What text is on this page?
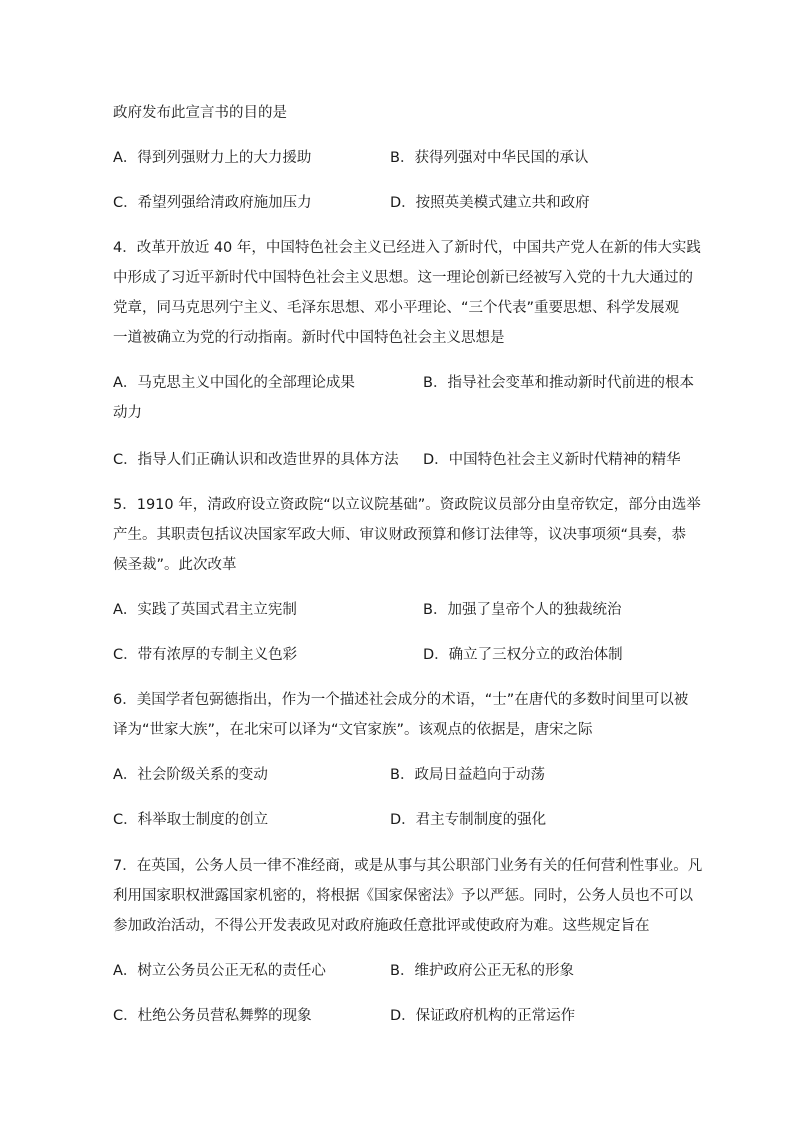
政府发布此宣言书的目的是
A．得到列强财力上的大力援助	B．获得列强对中华民国的承认
C．希望列强给清政府施加压力	D．按照英美模式建立共和政府
4．改革开放近 40 年，中国特色社会主义已经进入了新时代，中国共产党人在新的伟大实践
中形成了习近平新时代中国特色社会主义思想。这一理论创新已经被写入党的十九大通过的
党章，同马克思列宁主义、毛泽东思想、邓小平理论、“三个代表”重要思想、科学发展观
一道被确立为党的行动指南。新时代中国特色社会主义思想是
A．马克思主义中国化的全部理论成果	B．指导社会变革和推动新时代前进的根本
动力
C．指导人们正确认识和改造世界的具体方法 D．中国特色社会主义新时代精神的精华
5．1910 年，清政府设立资政院“以立议院基础”。资政院议员部分由皇帝钦定，部分由选举
产生。其职责包括议决国家军政大师、审议财政预算和修订法律等，议决事项须“具奏，恭
候圣裁”。此次改革
A．实践了英国式君主立宪制	B．加强了皇帝个人的独裁统治
C．带有浓厚的专制主义色彩	D．确立了三权分立的政治体制
6．美国学者包弼德指出，作为一个描述社会成分的术语，“士”在唐代的多数时间里可以被
译为“世家大族”，在北宋可以译为“文官家族”。该观点的依据是，唐宋之际
A．社会阶级关系的变动	B．政局日益趋向于动荡
C．科举取士制度的创立	D．君主专制制度的强化
7．在英国，公务人员一律不准经商，或是从事与其公职部门业务有关的任何营利性事业。凡
利用国家职权泄露国家机密的，将根据《国家保密法》予以严惩。同时，公务人员也不可以
参加政治活动，不得公开发表政见对政府施政任意批评或使政府为难。这些规定旨在
A．树立公务员公正无私的责任心	B．维护政府公正无私的形象
C．杜绝公务员营私舞弊的现象	D．保证政府机构的正常运作
